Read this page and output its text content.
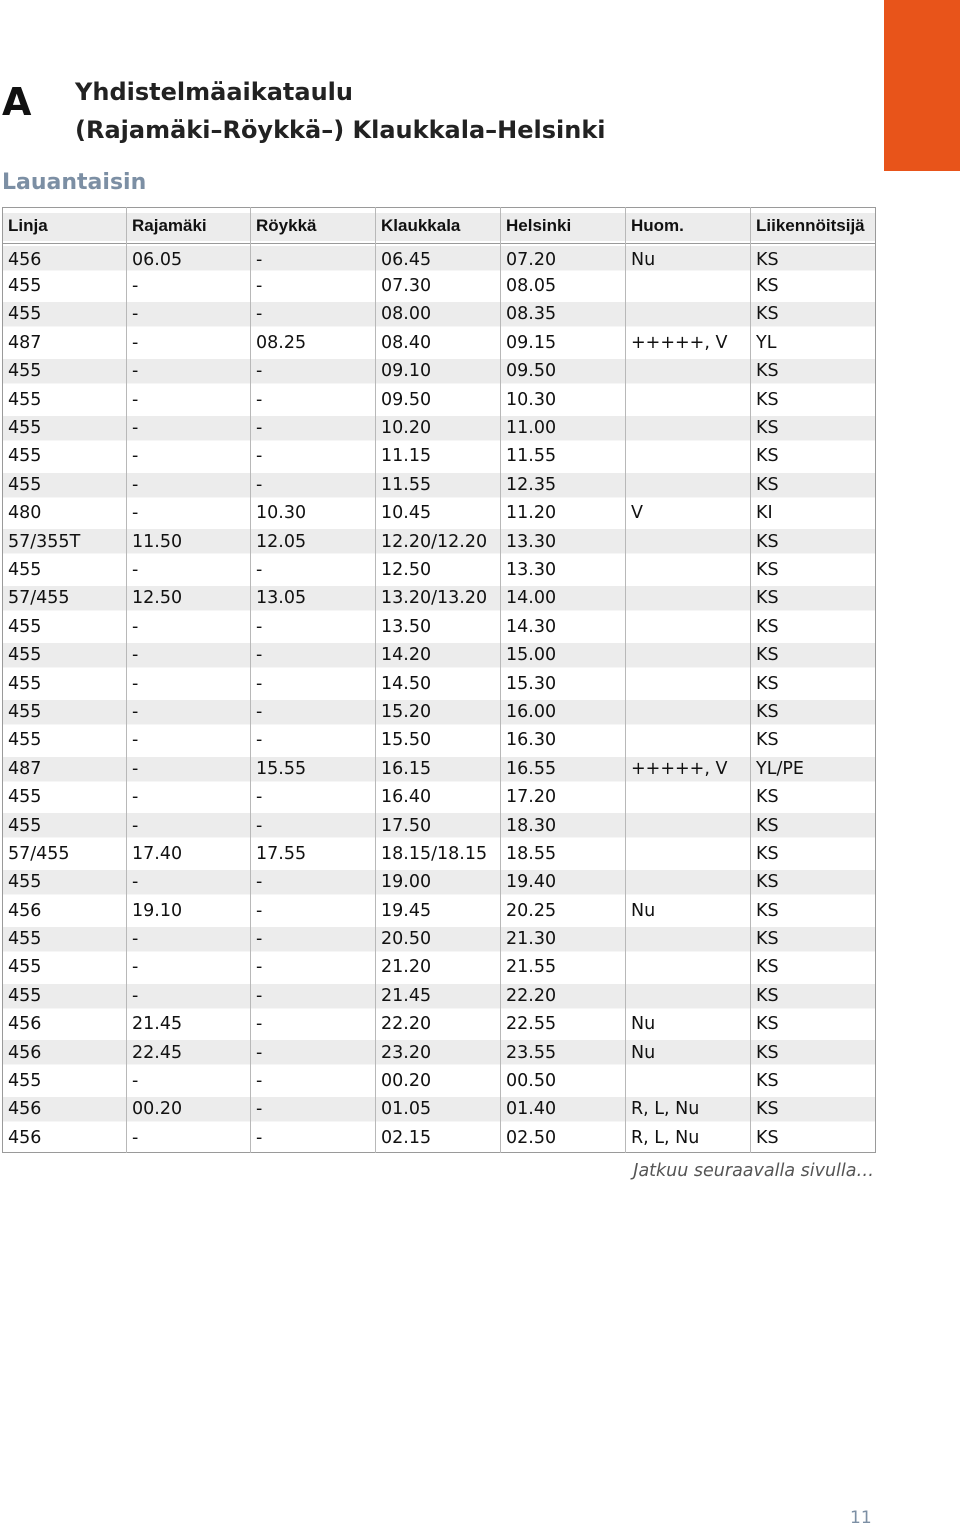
A Yhdistelmäaikataulu
(Rajamäki–Röykkä–) Klaukkala–Helsinki
Lauantaisin
Linja	Rajamäki	Röykkä	Klaukkala	Helsinki	Huom.	Liikennöitsijä
456	06.05	-	06.45	07.20	Nu	KS
455	-	-	07.30	08.05		KS
455	-	-	08.00	08.35		KS
487	-	08.25	08.40	09.15	+++++, V	YL
455	-	-	09.10	09.50		KS
455	-	-	09.50	10.30		KS
455	-	-	10.20	11.00		KS
455	-	-	11.15	11.55		KS
455	-	-	11.55	12.35		KS
480	-	10.30	10.45	11.20	V	KI
57/355T	11.50	12.05	12.20/12.20	13.30		KS
455	-	-	12.50	13.30		KS
57/455	12.50	13.05	13.20/13.20	14.00		KS
455	-	-	13.50	14.30		KS
455	-	-	14.20	15.00		KS
455	-	-	14.50	15.30		KS
455	-	-	15.20	16.00		KS
455	-	-	15.50	16.30		KS
487	-	15.55	16.15	16.55	+++++, V	YL/PE
455	-	-	16.40	17.20		KS
455	-	-	17.50	18.30		KS
57/455	17.40	17.55	18.15/18.15	18.55		KS
455	-	-	19.00	19.40		KS
456	19.10	-	19.45	20.25	Nu	KS
455	-	-	20.50	21.30		KS
455	-	-	21.20	21.55		KS
455	-	-	21.45	22.20		KS
456	21.45	-	22.20	22.55	Nu	KS
456	22.45	-	23.20	23.55	Nu	KS
455	-	-	00.20	00.50		KS
456	00.20	-	01.05	01.40	R, L, Nu	KS
456	-	-	02.15	02.50	R, L, Nu	KS
Jatkuu seuraavalla sivulla…
11
